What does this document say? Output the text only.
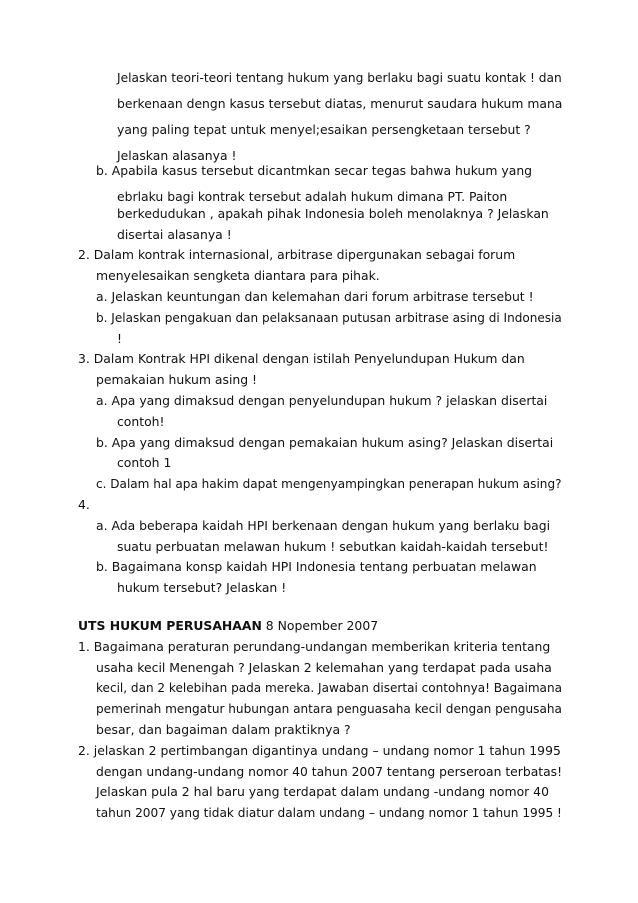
Jelaskan teori-teori tentang hukum yang berlaku bagi suatu kontak ! dan
berkenaan dengn kasus tersebut diatas, menurut saudara hukum mana
yang paling tepat untuk menyel;esaikan persengketaan tersebut ?
Jelaskan alasanya !
b. Apabila kasus tersebut dicantmkan secar tegas bahwa hukum yang
ebrlaku bagi kontrak tersebut adalah hukum dimana PT. Paiton
berkedudukan , apakah pihak Indonesia boleh menolaknya ? Jelaskan
disertai alasanya !
2. Dalam kontrak internasional, arbitrase dipergunakan sebagai forum
menyelesaikan sengketa diantara para pihak.
a. Jelaskan keuntungan dan kelemahan dari forum arbitrase tersebut !
b. Jelaskan pengakuan dan pelaksanaan putusan arbitrase asing di Indonesia
!
3. Dalam Kontrak HPI dikenal dengan istilah Penyelundupan Hukum dan
pemakaian hukum asing !
a. Apa yang dimaksud dengan penyelundupan hukum ? jelaskan disertai
contoh!
b. Apa yang dimaksud dengan pemakaian hukum asing? Jelaskan disertai
contoh 1
c. Dalam hal apa hakim dapat mengenyampingkan penerapan hukum asing?
4.
a. Ada beberapa kaidah HPI berkenaan dengan hukum yang berlaku bagi
suatu perbuatan melawan hukum ! sebutkan kaidah-kaidah tersebut!
b. Bagaimana konsp kaidah HPI Indonesia tentang perbuatan melawan
hukum tersebut? Jelaskan !
UTS HUKUM PERUSAHAAN 8 Nopember 2007
1. Bagaimana peraturan perundang-undangan memberikan kriteria tentang
usaha kecil Menengah ? Jelaskan 2 kelemahan yang terdapat pada usaha
kecil, dan 2 kelebihan pada mereka. Jawaban disertai contohnya! Bagaimana
pemerinah mengatur hubungan antara penguasaha kecil dengan pengusaha
besar, dan bagaiman dalam praktiknya ?
2. jelaskan 2 pertimbangan digantinya undang – undang nomor 1 tahun 1995
dengan undang-undang nomor 40 tahun 2007 tentang perseroan terbatas!
Jelaskan pula 2 hal baru yang terdapat dalam undang -undang nomor 40
tahun 2007 yang tidak diatur dalam undang – undang nomor 1 tahun 1995 !
